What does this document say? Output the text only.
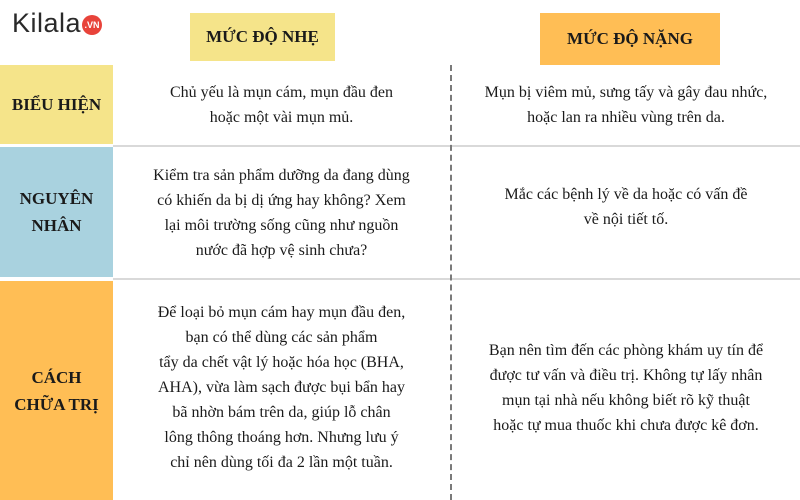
Kilala .VN
MỨC ĐỘ NHẸ	MỨC ĐỘ NẶNG
BIỂU HIỆN
NGUYÊN
NHÂN
CÁCH
CHỮA TRỊ
Chủ yếu là mụn cám, mụn đầu đen
hoặc một vài mụn mủ.
Mụn bị viêm mủ, sưng tấy và gây đau nhức,
hoặc lan ra nhiều vùng trên da.
Kiểm tra sản phẩm dưỡng da đang dùng
có khiến da bị dị ứng hay không? Xem
lại môi trường sống cũng như nguồn
nước đã hợp vệ sinh chưa?
Mắc các bệnh lý về da hoặc có vấn đề
về nội tiết tố.
Để loại bỏ mụn cám hay mụn đầu đen,
bạn có thể dùng các sản phẩm
tẩy da chết vật lý hoặc hóa học (BHA,
AHA), vừa làm sạch được bụi bẩn hay
bã nhờn bám trên da, giúp lỗ chân
lông thông thoáng hơn. Nhưng lưu ý
chỉ nên dùng tối đa 2 lần một tuần.
Bạn nên tìm đến các phòng khám uy tín để
được tư vấn và điều trị. Không tự lấy nhân
mụn tại nhà nếu không biết rõ kỹ thuật
hoặc tự mua thuốc khi chưa được kê đơn.
